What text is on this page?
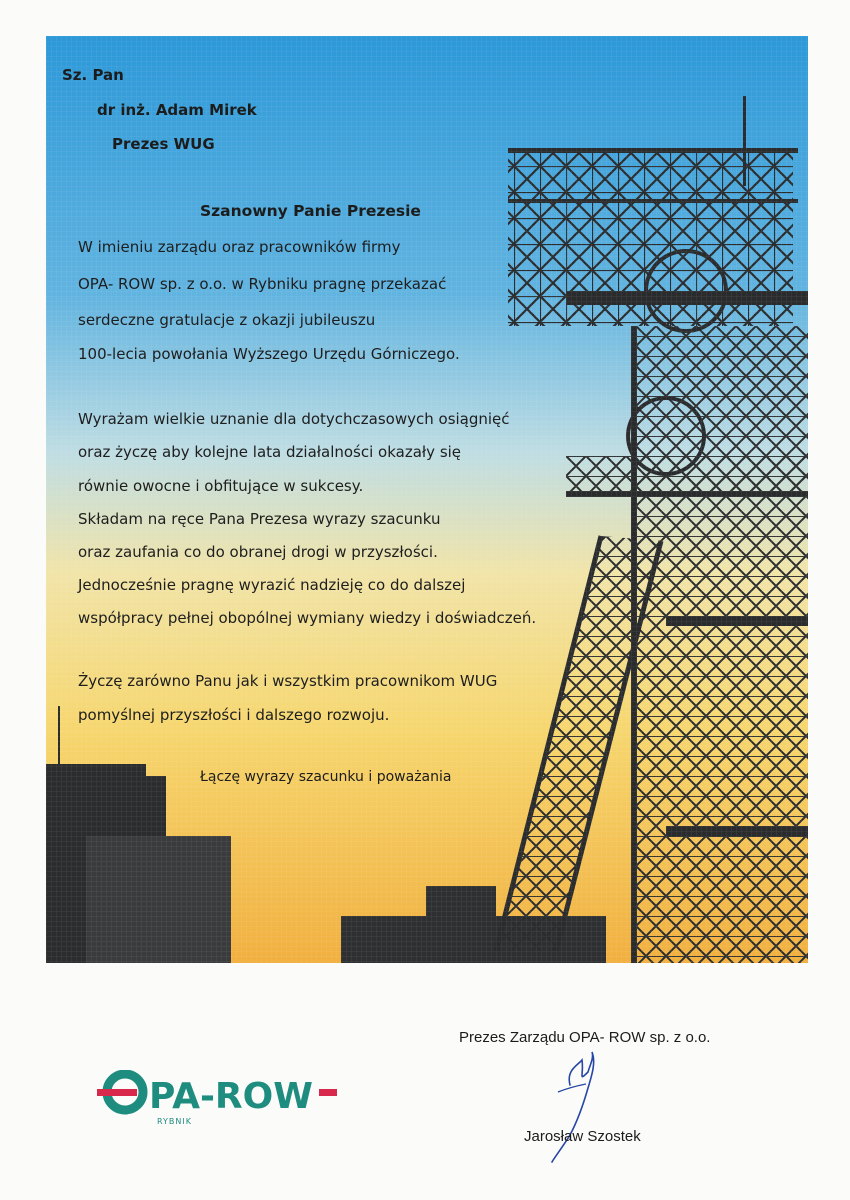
Sz. Pan
dr inż. Adam Mirek
Prezes WUG
Szanowny Panie Prezesie
W imieniu zarządu oraz pracowników firmy
OPA- ROW sp. z o.o. w Rybniku pragnę przekazać
serdeczne gratulacje z okazji jubileuszu
100-lecia powołania Wyższego Urzędu Górniczego.
Wyrażam wielkie uznanie dla dotychczasowych osiągnięć
oraz życzę aby kolejne lata działalności okazały się
równie owocne i obfitujące w sukcesy.
Składam na ręce Pana Prezesa wyrazy szacunku
oraz zaufania co do obranej drogi w przyszłości.
Jednocześnie pragnę wyrazić nadzieję co do dalszej
współpracy pełnej obopólnej wymiany wiedzy i doświadczeń.
Życzę zarówno Panu jak i wszystkim pracownikom WUG
pomyślnej przyszłości i dalszego rozwoju.
Łączę wyrazy szacunku i poważania
Prezes Zarządu OPA- ROW sp. z o.o.
Jarosław Szostek
PA-ROW
RYBNIK
